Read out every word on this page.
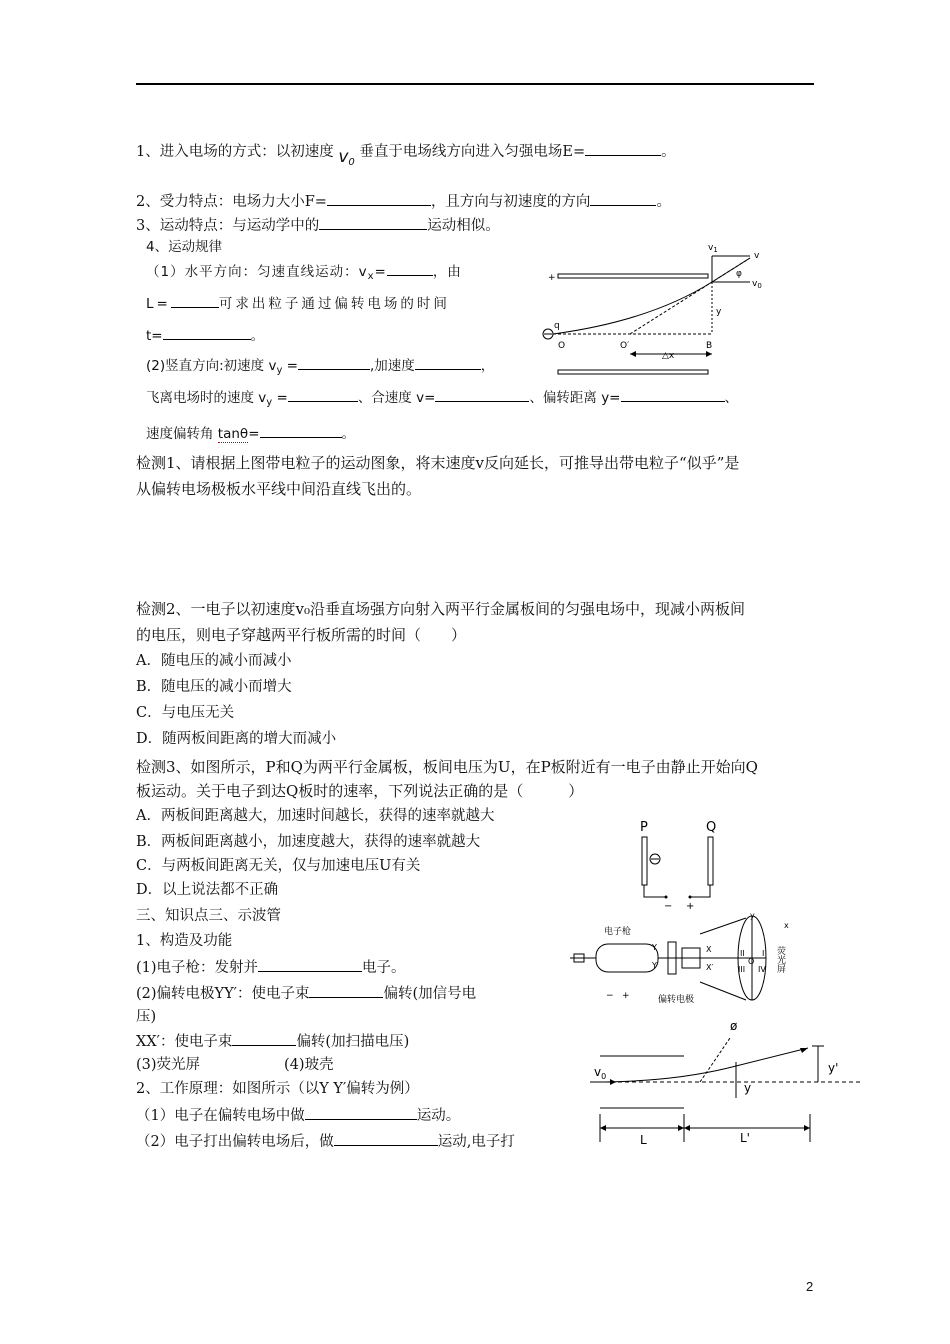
1、进入电场的方式：以初速度 $v_0$ 垂直于电场线方向进入匀强电场E=	。
2、受力特点：电场力大小F=	，且方向与初速度的方向	。
3、运动特点：与运动学中的	运动相似。
4、运动规律
（1）水平方向：匀速直线运动：$v_x=$	，由
L=	可求出粒子通过偏转电场的时间
t=	。
(2)竖直方向:初速度 $v_y$ =	,加速度	，
飞离电场时的速度 $v_y$ =	、合速度 v=	、偏转距离 y=	、
速度偏转角 tanθ=	。
+
q
$v_1$
v
$v_0$
φ
y
O	O′	B
△x
检测1、请根据上图带电粒子的运动图象，将末速度v反向延长，可推导出带电粒子“似乎”是
从偏转电场极板水平线中间沿直线飞出的。
检测2、一电子以初速度v₀沿垂直场强方向射入两平行金属板间的匀强电场中，现减小两板间
的电压，则电子穿越两平行板所需的时间（　　）
A．随电压的减小而减小
B．随电压的减小而增大
C．与电压无关
D．随两板间距离的增大而减小
检测3、如图所示，P和Q为两平行金属板，板间电压为U，在P板附近有一电子由静止开始向Q
板运动。关于电子到达Q板时的速率，下列说法正确的是（　　　）
A．两板间距离越大，加速时间越长，获得的速率就越大
B．两板间距离越小，加速度越大，获得的速率就越大
C．与两板间距离无关，仅与加速电压U有关
D．以上说法都不正确
P	Q
− +
三、知识点三、示波管
1、构造及功能
(1)电子枪：发射并	电子。
(2)偏转电极YY′：使电子束	偏转(加信号电
压)
XX′：使电子束	偏转(加扫描电压)
(3)荧光屏	(4)玻壳
2、工作原理：如图所示（以Y Y′偏转为例）
（1）电子在偏转电场中做	运动。
（2）电子打出偏转电场后，做	运动,电子打
电子枪
Y
Y′
X
X′
y
x
I
II
III IV
O 荧光屏
偏转电极
− +
ø
$v_0$
y
y'
L	L'
2
